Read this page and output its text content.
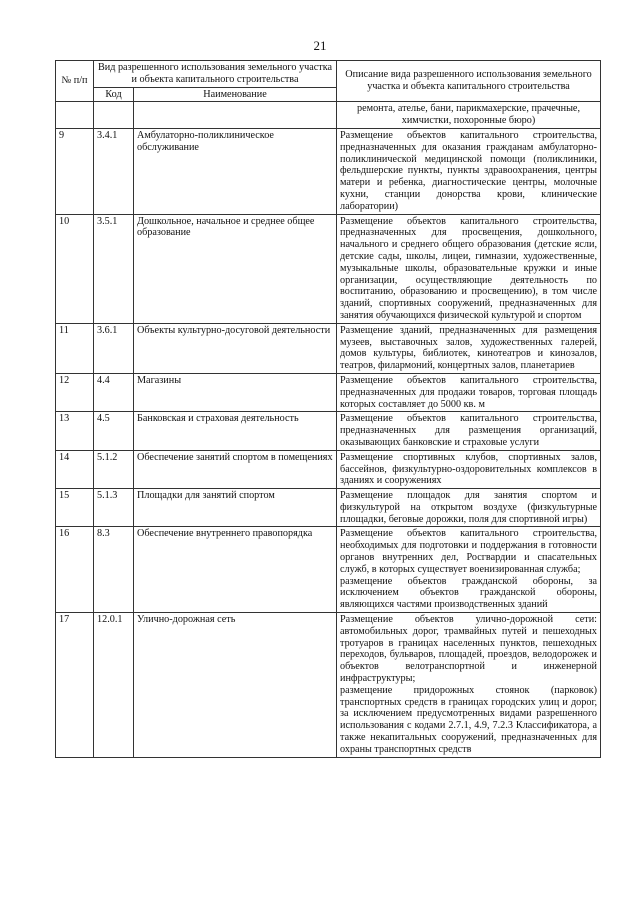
21
№ п/п	Вид разрешенного использования земельного участка и объекта капитального строительства		Описание вида разрешенного использования земельного участка и объекта капитального строительства
	Код	Наименование	
			ремонта, ателье, бани, парикмахерские, прачечные, химчистки, похоронные бюро)
9	3.4.1	Амбулаторно-поликлиническое обслуживание	Размещение объектов капитального строительства, предназначенных для оказания гражданам амбулаторно-поликлинической медицинской помощи (поликлиники, фельдшерские пункты, пункты здравоохранения, центры матери и ребенка, диагностические центры, молочные кухни, станции донорства крови, клинические лаборатории)
10	3.5.1	Дошкольное, начальное и среднее общее образование	Размещение объектов капитального строительства, предназначенных для просвещения, дошкольного, начального и среднего общего образования (детские ясли, детские сады, школы, лицеи, гимназии, художественные, музыкальные школы, образовательные кружки и иные организации, осуществляющие деятельность по воспитанию, образованию и просвещению), в том числе зданий, спортивных сооружений, предназначенных для занятия обучающихся физической культурой и спортом
11	3.6.1	Объекты культурно-досуговой деятельности	Размещение зданий, предназначенных для размещения музеев, выставочных залов, художественных галерей, домов культуры, библиотек, кинотеатров и кинозалов, театров, филармоний, концертных залов, планетариев
12	4.4	Магазины	Размещение объектов капитального строительства, предназначенных для продажи товаров, торговая площадь которых составляет до 5000 кв. м
13	4.5	Банковская и страховая деятельность	Размещение объектов капитального строительства, предназначенных для размещения организаций, оказывающих банковские и страховые услуги
14	5.1.2	Обеспечение занятий спортом в помещениях	Размещение спортивных клубов, спортивных залов, бассейнов, физкультурно-оздоровительных комплексов в зданиях и сооружениях
15	5.1.3	Площадки для занятий спортом	Размещение площадок для занятия спортом и физкультурой на открытом воздухе (физкультурные площадки, беговые дорожки, поля для спортивной игры)
16	8.3	Обеспечение внутреннего правопорядка	Размещение объектов капитального строительства, необходимых для подготовки и поддержания в готовности органов внутренних дел, Росгвардии и спасательных служб, в которых существует военизированная служба;
размещение объектов гражданской обороны, за исключением объектов гражданской обороны, являющихся частями производственных зданий

17	12.0.1	Улично-дорожная сеть	Размещение объектов улично-дорожной сети: автомобильных дорог, трамвайных путей и пешеходных тротуаров в границах населенных пунктов, пешеходных переходов, бульваров, площадей, проездов, велодорожек и объектов велотранспортной и инженерной инфраструктуры;
размещение придорожных стоянок (парковок) транспортных средств в границах городских улиц и дорог, за исключением предусмотренных видами разрешенного использования с кодами 2.7.1, 4.9, 7.2.3 Классификатора, а также некапитальных сооружений, предназначенных для охраны транспортных средств
